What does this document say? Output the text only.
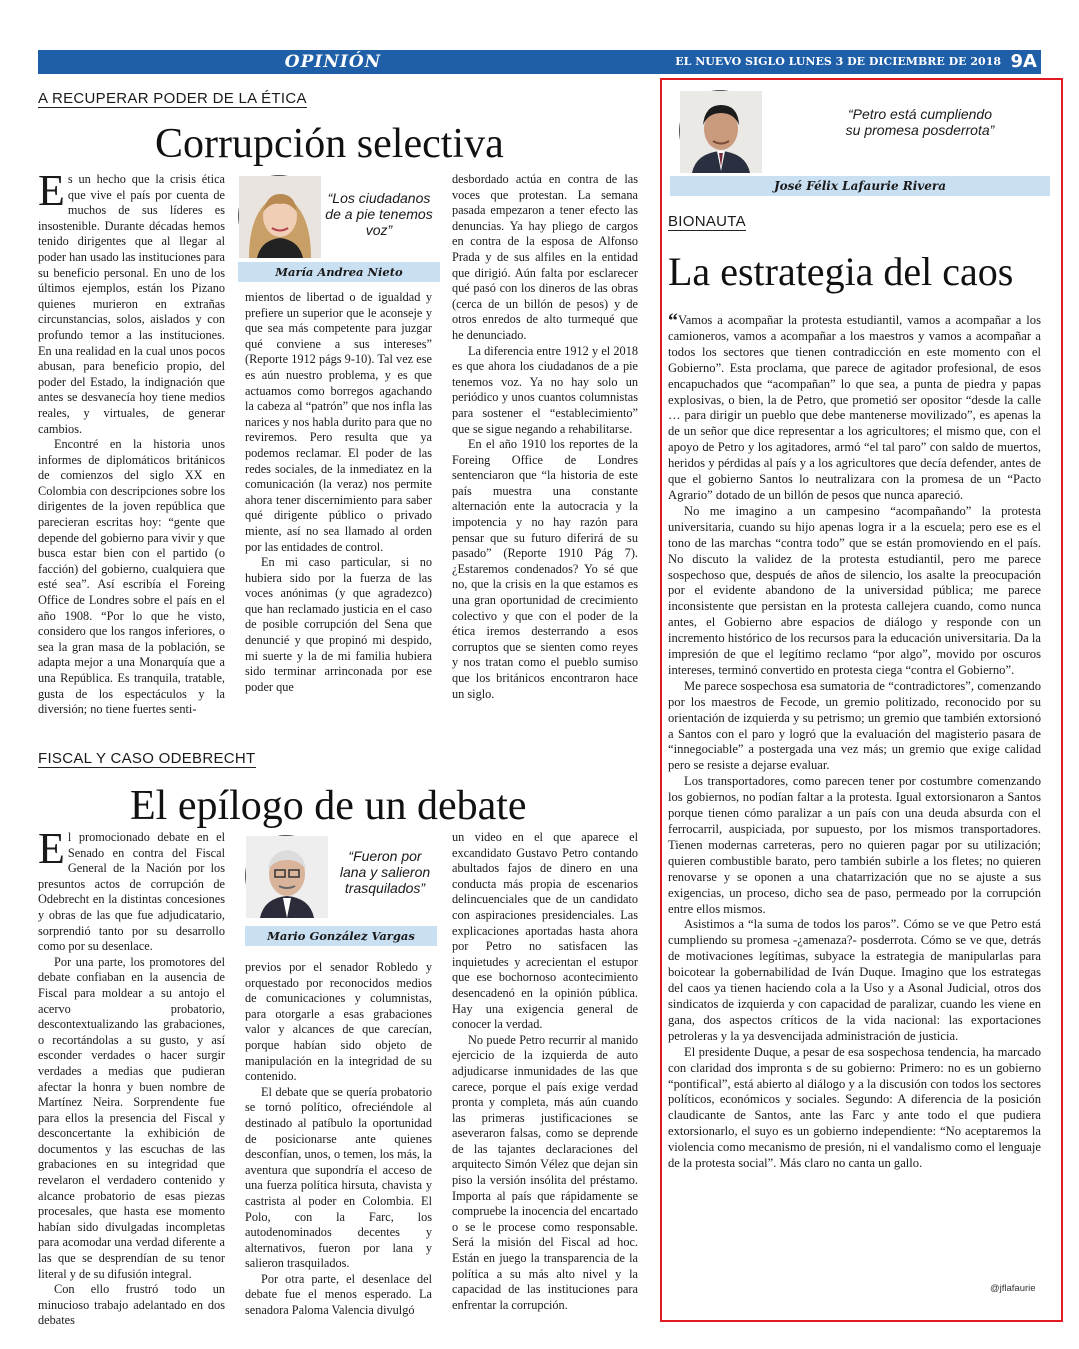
OPINIÓN	EL NUEVO SIGLO LUNES 3 DE DICIEMBRE DE 2018 9A
A RECUPERAR PODER DE LA ÉTICA
Corrupción selectiva

Es un hecho que la crisis ética que vive el país por cuenta de muchos de sus líderes es insostenible. Durante décadas hemos tenido dirigentes que al llegar al poder han usado las instituciones para su beneficio personal. En uno de los últimos ejemplos, están los Pizano quienes murieron en extrañas circunstancias, solos, aislados y con profundo temor a las instituciones. En una realidad en la cual unos pocos abusan, para beneficio propio, del poder del Estado, la indignación que antes se desvanecía hoy tiene medios reales, y virtuales, de generar cambios.

Encontré en la historia unos informes de diplomáticos británicos de comienzos del siglo XX en Colombia con descripciones sobre los dirigentes de la joven república que parecieran escritas hoy: “gente que depende del gobierno para vivir y que busca estar bien con el partido (o facción) del gobierno, cualquiera que esté sea”. Así escribía el Foreing Office de Londres sobre el país en el año 1908. “Por lo que he visto, considero que los rangos inferiores, o sea la gran masa de la población, se adapta mejor a una Monarquía que a una República. Es tranquila, tratable, gusta de los espectáculos y la diversión; no tiene fuertes senti-

“Los ciudadanos de a pie tenemos voz”
María Andrea Nieto

mientos de libertad o de igualdad y prefiere un superior que le aconseje y que sea más competente para juzgar qué conviene a sus intereses” (Reporte 1912 págs 9-10). Tal vez ese es aún nuestro problema, y es que actuamos como borregos agachando la cabeza al “patrón” que nos infla las narices y nos habla durito para que no reviremos. Pero resulta que ya podemos reclamar. El poder de las redes sociales, de la inmediatez en la comunicación (la veraz) nos permite ahora tener discernimiento para saber qué dirigente público o privado miente, así no sea llamado al orden por las entidades de control.

En mi caso particular, si no hubiera sido por la fuerza de las voces anónimas (y que agradezco) que han reclamado justicia en el caso de posible corrupción del Sena que denuncié y que propinó mi despido, mi suerte y la de mi familia hubiera sido terminar arrinconada por ese poder que

desbordado actúa en contra de las voces que protestan. La semana pasada empezaron a tener efecto las denuncias. Ya hay pliego de cargos en contra de la esposa de Alfonso Prada y de sus alfiles en la entidad que dirigió. Aún falta por esclarecer qué pasó con los dineros de las obras (cerca de un billón de pesos) y de otros enredos de alto turmequé que he denunciado.

La diferencia entre 1912 y el 2018 es que ahora los ciudadanos de a pie tenemos voz. Ya no hay solo un periódico y unos cuantos columnistas para sostener el “establecimiento” que se sigue negando a rehabilitarse.

En el año 1910 los reportes de la Foreing Office de Londres sentenciaron que “la historia de este país muestra una constante alternación ente la autocracia y la impotencia y no hay razón para pensar que su futuro diferirá de su pasado” (Reporte 1910 Pág 7). ¿Estaremos condenados? Yo sé que no, que la crisis en la que estamos es una gran oportunidad de crecimiento colectivo y que con el poder de la ética iremos desterrando a esos corruptos que se sienten como reyes y nos tratan como el pueblo sumiso que los británicos encontraron hace un siglo.

FISCAL Y CASO ODEBRECHT
El epílogo de un debate

El promocionado debate en el Senado en contra del Fiscal General de la Nación por los presuntos actos de corrupción de Odebrecht en la distintas concesiones y obras de las que fue adjudicatario, sorprendió tanto por su desarrollo como por su desenlace.

Por una parte, los promotores del debate confiaban en la ausencia de Fiscal para moldear a su antojo el acervo probatorio, descontextualizando las grabaciones, o recortándolas a su gusto, y así esconder verdades o hacer surgir verdades a medias que pudieran afectar la honra y buen nombre de Martínez Neira. Sorprendente fue para ellos la presencia del Fiscal y desconcertante la exhibición de documentos y las escuchas de las grabaciones en su integridad que revelaron el verdadero contenido y alcance probatorio de esas piezas procesales, que hasta ese momento habían sido divulgadas incompletas para acomodar una verdad diferente a las que se desprendían de su tenor literal y de su difusión integral.

Con ello frustró todo un minucioso trabajo adelantado en dos debates

“Fueron por lana y salieron trasquilados”
Mario González Vargas

previos por el senador Robledo y orquestado por reconocidos medios de comunicaciones y columnistas, para otorgarle a esas grabaciones valor y alcances de que carecían, porque habían sido objeto de manipulación en la integridad de su contenido.

El debate que se quería probatorio se tornó político, ofreciéndole al destinado al patíbulo la oportunidad de posicionarse ante quienes desconfían, unos, o temen, los más, la aventura que supondría el acceso de una fuerza política hirsuta, chavista y castrista al poder en Colombia. El Polo, con la Farc, los autodenominados decentes y alternativos, fueron por lana y salieron trasquilados.

Por otra parte, el desenlace del debate fue el menos esperado. La senadora Paloma Valencia divulgó

un video en el que aparece el excandidato Gustavo Petro contando abultados fajos de dinero en una conducta más propia de escenarios delincuenciales que de un candidato con aspiraciones presidenciales. Las explicaciones aportadas hasta ahora por Petro no satisfacen las inquietudes y acrecientan el estupor que ese bochornoso acontecimiento desencadenó en la opinión pública. Hay una exigencia general de conocer la verdad.

No puede Petro recurrir al manido ejercicio de la izquierda de auto adjudicarse inmunidades de las que carece, porque el país exige verdad pronta y completa, más aún cuando las primeras justificaciones se aseveraron falsas, como se deprende de las tajantes declaraciones del arquitecto Simón Vélez que dejan sin piso la versión insólita del préstamo. Importa al país que rápidamente se compruebe la inocencia del encartado o se le procese como responsable. Será la misión del Fiscal ad hoc. Están en juego la transparencia de la política a su más alto nivel y la capacidad de las instituciones para enfrentar la corrupción.

“Petro está cumpliendo su promesa posderrota”
José Félix Lafaurie Rivera
BIONAUTA
La estrategia del caos

“Vamos a acompañar la protesta estudiantil, vamos a acompañar a los camioneros, vamos a acompañar a los maestros y vamos a acompañar a todos los sectores que tienen contradicción en este momento con el Gobierno”. Esta proclama, que parece de agitador profesional, de esos encapuchados que “acompañan” lo que sea, a punta de piedra y papas explosivas, o bien, la de Petro, que prometió ser opositor “desde la calle … para dirigir un pueblo que debe mantenerse movilizado”, es apenas la de un señor que dice representar a los agricultores; el mismo que, con el apoyo de Petro y los agitadores, armó “el tal paro” con saldo de muertos, heridos y pérdidas al país y a los agricultores que decía defender, antes de que el gobierno Santos lo neutralizara con la promesa de un “Pacto Agrario” dotado de un billón de pesos que nunca apareció.

No me imagino a un campesino “acompañando” la protesta universitaria, cuando su hijo apenas logra ir a la escuela; pero ese es el tono de las marchas “contra todo” que se están promoviendo en el país. No discuto la validez de la protesta estudiantil, pero me parece sospechoso que, después de años de silencio, los asalte la preocupación por el evidente abandono de la universidad pública; me parece inconsistente que persistan en la protesta callejera cuando, como nunca antes, el Gobierno abre espacios de diálogo y responde con un incremento histórico de los recursos para la educación universitaria. Da la impresión de que el legítimo reclamo “por algo”, movido por oscuros intereses, terminó convertido en protesta ciega “contra el Gobierno”.

Me parece sospechosa esa sumatoria de “contradictores”, comenzando por los maestros de Fecode, un gremio politizado, reconocido por su orientación de izquierda y su petrismo; un gremio que también extorsionó a Santos con el paro y logró que la evaluación del magisterio pasara de “innegociable” a postergada una vez más; un gremio que exige calidad pero se resiste a dejarse evaluar.

Los transportadores, como parecen tener por costumbre comenzando los gobiernos, no podían faltar a la protesta. Igual extorsionaron a Santos porque tienen cómo paralizar a un país con una deuda absurda con el ferrocarril, auspiciada, por supuesto, por los mismos transportadores. Tienen modernas carreteras, pero no quieren pagar por su utilización; quieren combustible barato, pero también subirle a los fletes; no quieren renovarse y se oponen a una chatarrización que no se ajuste a sus exigencias, un proceso, dicho sea de paso, permeado por la corrupción entre ellos mismos.

Asistimos a “la suma de todos los paros”. Cómo se ve que Petro está cumpliendo su promesa -¿amenaza?- posderrota. Cómo se ve que, detrás de motivaciones legítimas, subyace la estrategia de manipularlas para boicotear la gobernabilidad de Iván Duque. Imagino que los estrategas del caos ya tienen haciendo cola a la Uso y a Asonal Judicial, otros dos sindicatos de izquierda y con capacidad de paralizar, cuando les viene en gana, dos aspectos críticos de la vida nacional: las exportaciones petroleras y la ya desvencijada administración de justicia.

El presidente Duque, a pesar de esa sospechosa tendencia, ha marcado con claridad dos impronta s de su gobierno: Primero: no es un gobierno “pontifical”, está abierto al diálogo y a la discusión con todos los sectores políticos, económicos y sociales. Segundo: A diferencia de la posición claudicante de Santos, ante las Farc y ante todo el que pudiera extorsionarlo, el suyo es un gobierno independiente: “No aceptaremos la violencia como mecanismo de presión, ni el vandalismo como el lenguaje de la protesta social”. Más claro no canta un gallo.

@jflafaurie
